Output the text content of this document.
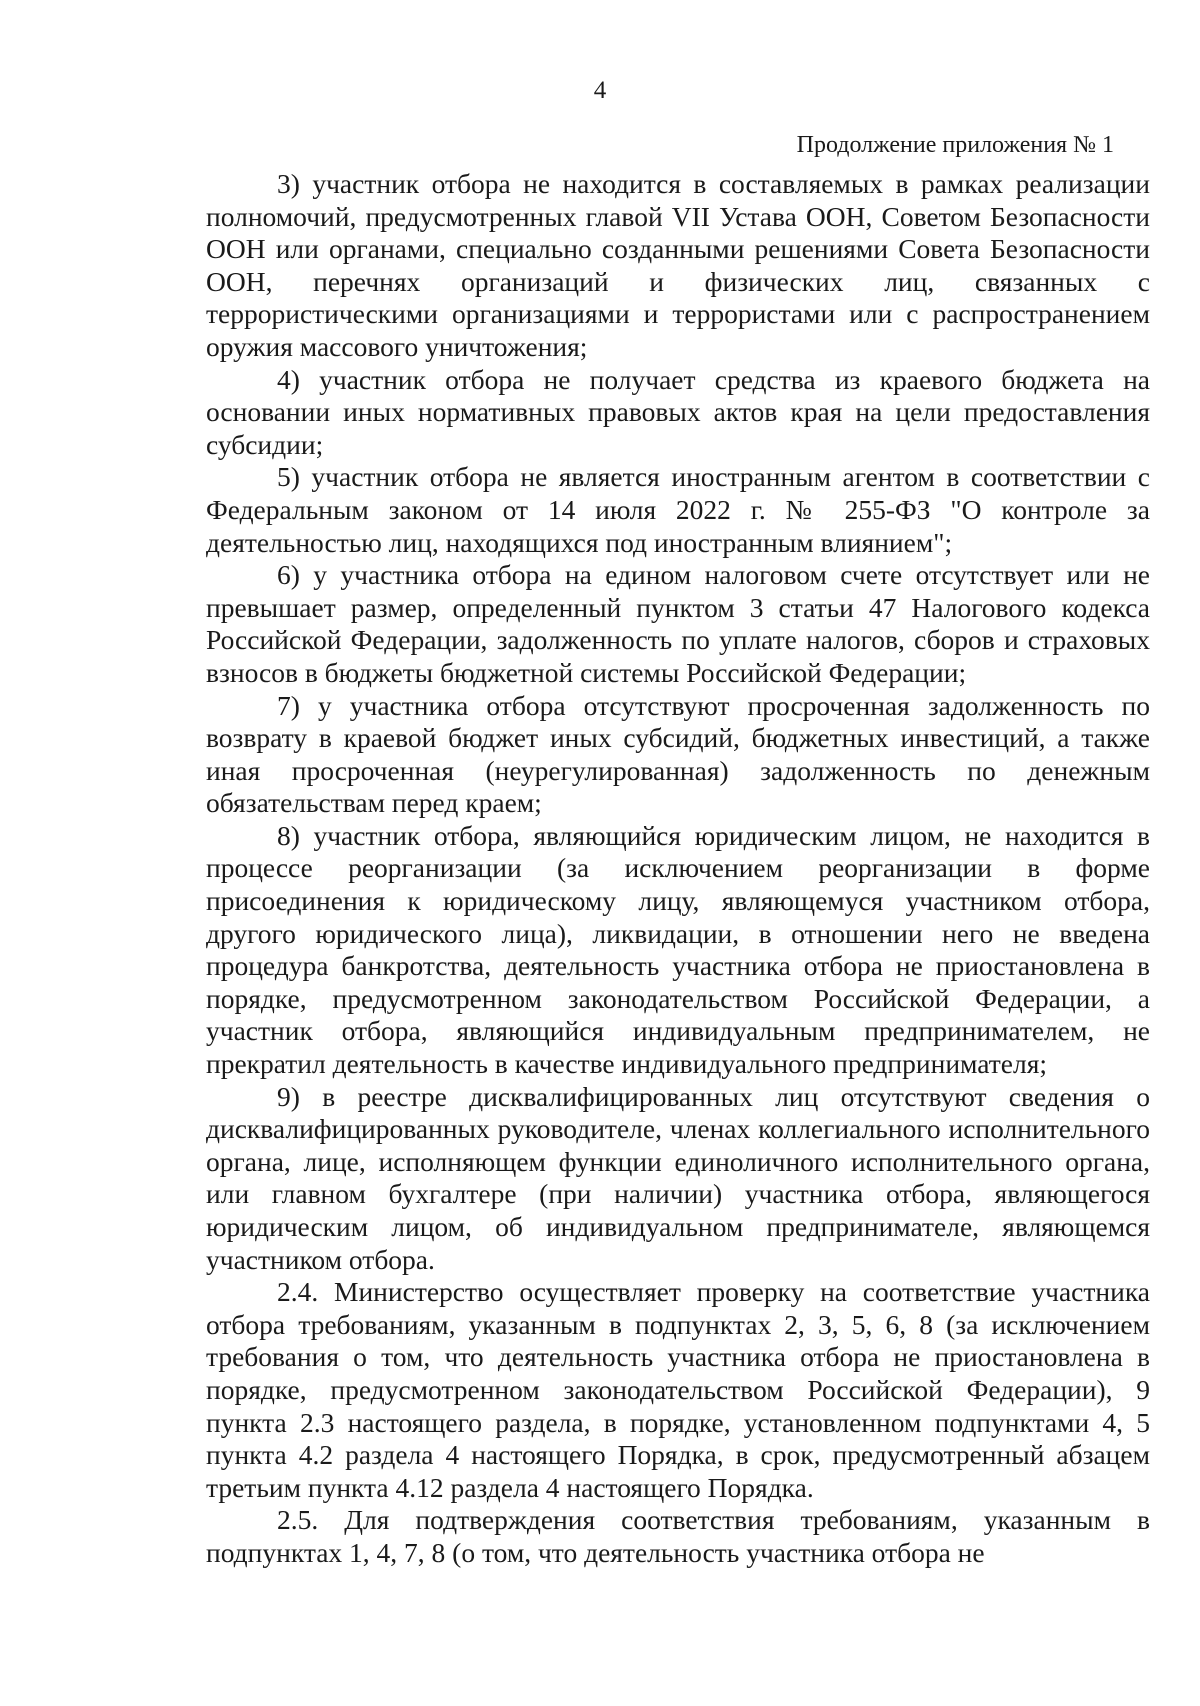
4
Продолжение приложения № 1

3) участник отбора не находится в составляемых в рамках реализации полномочий, предусмотренных главой VII Устава ООН, Советом Безопасности ООН или органами, специально созданными решениями Совета Безопасности ООН, перечнях организаций и физических лиц, связанных с террористическими организациями и террористами или с распространением оружия массового уничтожения;

4) участник отбора не получает средства из краевого бюджета на основании иных нормативных правовых актов края на цели предоставления субсидии;

5) участник отбора не является иностранным агентом в соответствии с Федеральным законом от 14 июля 2022 г. № 255-ФЗ "О контроле за деятельностью лиц, находящихся под иностранным влиянием";

6) у участника отбора на едином налоговом счете отсутствует или не превышает размер, определенный пунктом 3 статьи 47 Налогового кодекса Российской Федерации, задолженность по уплате налогов, сборов и страховых взносов в бюджеты бюджетной системы Российской Федерации;

7) у участника отбора отсутствуют просроченная задолженность по возврату в краевой бюджет иных субсидий, бюджетных инвестиций, а также иная просроченная (неурегулированная) задолженность по денежным обязательствам перед краем;

8) участник отбора, являющийся юридическим лицом, не находится в процессе реорганизации (за исключением реорганизации в форме присоединения к юридическому лицу, являющемуся участником отбора, другого юридического лица), ликвидации, в отношении него не введена процедура банкротства, деятельность участника отбора не приостановлена в порядке, предусмотренном законодательством Российской Федерации, а участник отбора, являющийся индивидуальным предпринимателем, не прекратил деятельность в качестве индивидуального предпринимателя;

9) в реестре дисквалифицированных лиц отсутствуют сведения о дисквалифицированных руководителе, членах коллегиального исполнительного органа, лице, исполняющем функции единоличного исполнительного органа, или главном бухгалтере (при наличии) участника отбора, являющегося юридическим лицом, об индивидуальном предпринимателе, являющемся участником отбора.

2.4. Министерство осуществляет проверку на соответствие участника отбора требованиям, указанным в подпунктах 2, 3, 5, 6, 8 (за исключением требования о том, что деятельность участника отбора не приостановлена в порядке, предусмотренном законодательством Российской Федерации), 9 пункта 2.3 настоящего раздела, в порядке, установленном подпунктами 4, 5 пункта 4.2 раздела 4 настоящего Порядка, в срок, предусмотренный абзацем третьим пункта 4.12 раздела 4 настоящего Порядка.

2.5. Для подтверждения соответствия требованиям, указанным в подпунктах 1, 4, 7, 8 (о том, что деятельность участника отбора не
